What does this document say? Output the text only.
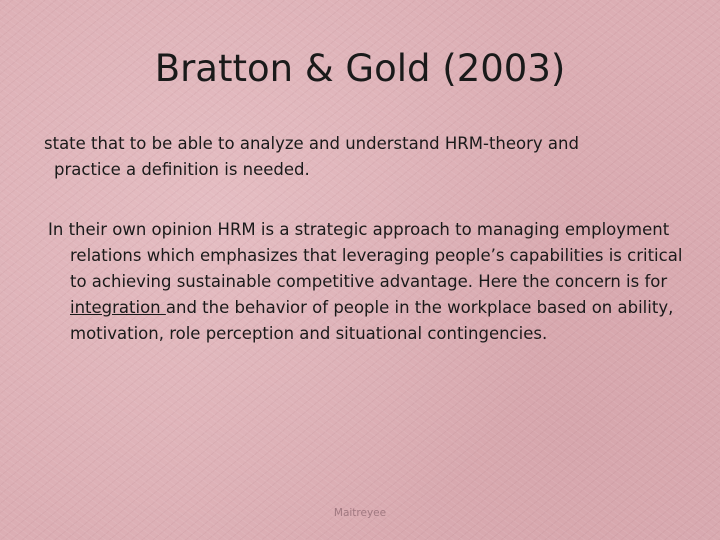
Bratton & Gold (2003)
state that to be able to analyze and understand HRM-theory and
practice a definition is needed.
In their own opinion HRM is a strategic approach to managing employment relations which emphasizes that leveraging people’s capabilities is critical to achieving sustainable competitive advantage. Here the concern is for integration and the behavior of people in the workplace based on ability, motivation, role perception and situational contingencies.
Maitreyee
